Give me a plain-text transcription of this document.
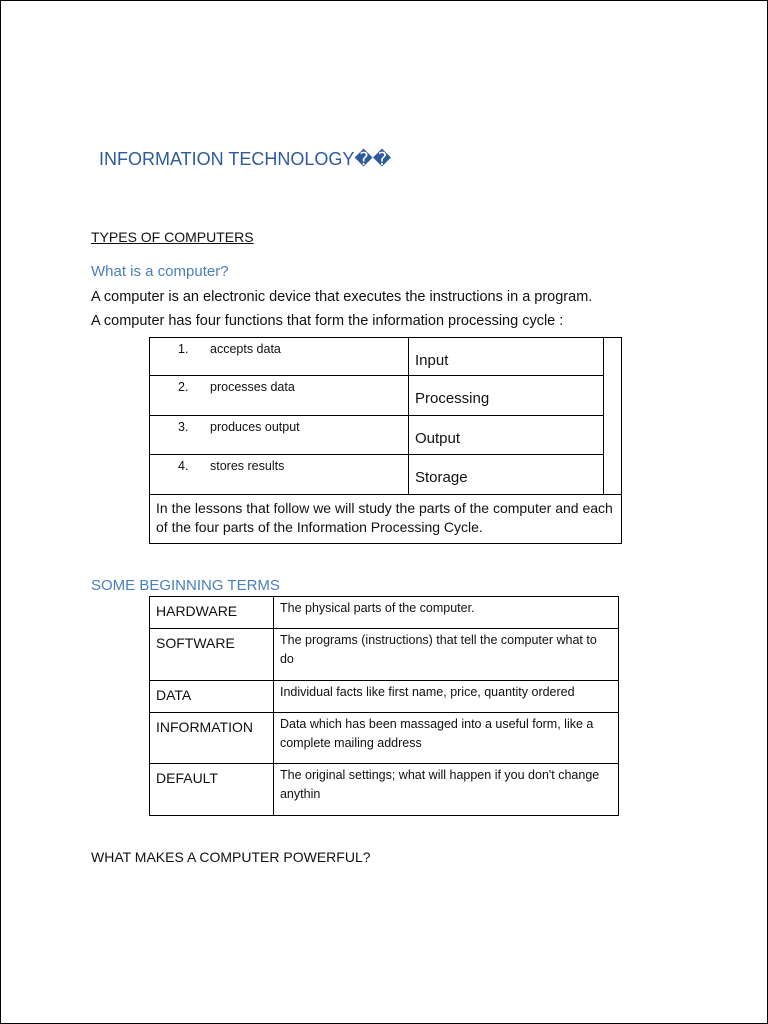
INFORMATION TECHNOLOGY��
TYPES OF COMPUTERS
What is a computer?
A computer is an electronic device that executes the instructions in a program.
A computer has four functions that form the information processing cycle :
1. accepts data	Input	

2. processes data	Processing	

3. produces output	Output	

4. stores results	Storage	

In the lessons that follow we will study the parts of the computer and each of the four parts of the Information Processing Cycle.		
SOME BEGINNING TERMS
HARDWARE	The physical parts of the computer.
SOFTWARE	The programs (instructions) that tell the computer what to do
DATA	Individual facts like first name, price, quantity ordered
INFORMATION	Data which has been massaged into a useful form, like a complete mailing address
DEFAULT	The original settings; what will happen if you don't change anythin
WHAT MAKES A COMPUTER POWERFUL?
